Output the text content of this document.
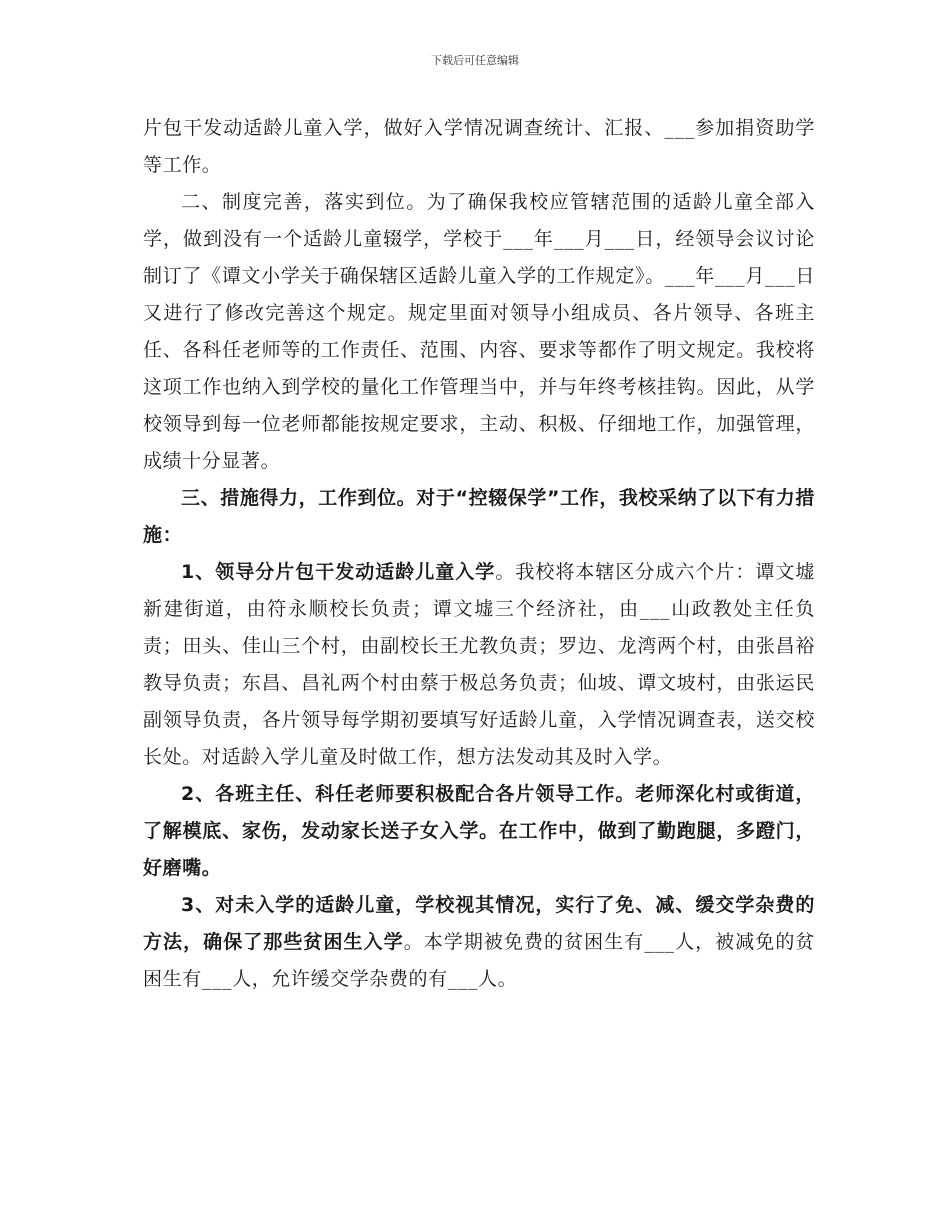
下载后可任意编辑

片包干发动适龄儿童入学，做好入学情况调查统计、汇报、___参加捐资助学等工作。

二、制度完善，落实到位。为了确保我校应管辖范围的适龄儿童全部入学，做到没有一个适龄儿童辍学，学校于___年___月___日，经领导会议讨论制订了《谭文小学关于确保辖区适龄儿童入学的工作规定》。___年___月___日又进行了修改完善这个规定。规定里面对领导小组成员、各片领导、各班主任、各科任老师等的工作责任、范围、内容、要求等都作了明文规定。我校将这项工作也纳入到学校的量化工作管理当中，并与年终考核挂钩。因此，从学校领导到每一位老师都能按规定要求，主动、积极、仔细地工作，加强管理，成绩十分显著。

三、措施得力，工作到位。对于“控辍保学”工作，我校采纳了以下有力措施：

1、领导分片包干发动适龄儿童入学。我校将本辖区分成六个片：谭文墟新建街道，由符永顺校长负责；谭文墟三个经济社，由___山政教处主任负责；田头、佳山三个村，由副校长王尤教负责；罗边、龙湾两个村，由张昌裕教导负责；东昌、昌礼两个村由蔡于极总务负责；仙坡、谭文坡村，由张运民副领导负责，各片领导每学期初要填写好适龄儿童，入学情况调查表，送交校长处。对适龄入学儿童及时做工作，想方法发动其及时入学。

2、各班主任、科任老师要积极配合各片领导工作。老师深化村或街道，了解模底、家伤，发动家长送子女入学。在工作中，做到了勤跑腿，多蹬门，好磨嘴。

3、对未入学的适龄儿童，学校视其情况，实行了免、减、缓交学杂费的方法，确保了那些贫困生入学。本学期被免费的贫困生有___人，被减免的贫困生有___人，允许缓交学杂费的有___人。
